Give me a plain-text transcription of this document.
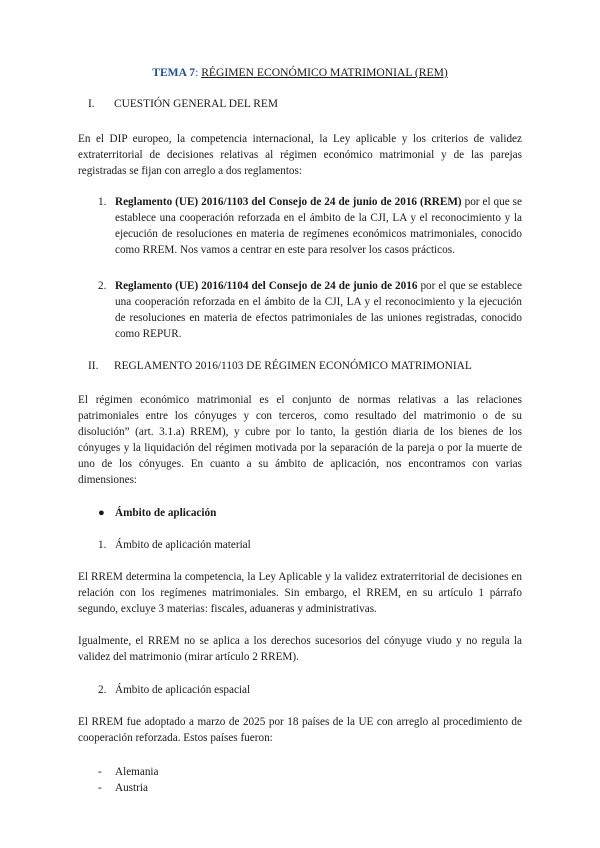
TEMA 7: RÉGIMEN ECONÓMICO MATRIMONIAL (REM)
I. CUESTIÓN GENERAL DEL REM

En el DIP europeo, la competencia internacional, la Ley aplicable y los criterios de validez extraterritorial de decisiones relativas al régimen económico matrimonial y de las parejas registradas se fijan con arreglo a dos reglamentos:

1. Reglamento (UE) 2016/1103 del Consejo de 24 de junio de 2016 (RREM) por el que se establece una cooperación reforzada en el ámbito de la CJI, LA y el reconocimiento y la ejecución de resoluciones en materia de regímenes económicos matrimoniales, conocido como RREM. Nos vamos a centrar en este para resolver los casos prácticos.
2. Reglamento (UE) 2016/1104 del Consejo de 24 de junio de 2016 por el que se establece una cooperación reforzada en el ámbito de la CJI, LA y el reconocimiento y la ejecución de resoluciones en materia de efectos patrimoniales de las uniones registradas, conocido como REPUR.
II. REGLAMENTO 2016/1103 DE RÉGIMEN ECONÓMICO MATRIMONIAL

El régimen económico matrimonial es el conjunto de normas relativas a las relaciones patrimoniales entre los cónyuges y con terceros, como resultado del matrimonio o de su disolución” (art. 3.1.a) RREM), y cubre por lo tanto, la gestión diaria de los bienes de los cónyuges y la liquidación del régimen motivada por la separación de la pareja o por la muerte de uno de los cónyuges. En cuanto a su ámbito de aplicación, nos encontramos con varias dimensiones:

● Ámbito de aplicación
1. Ámbito de aplicación material

El RREM determina la competencia, la Ley Aplicable y la validez extraterritorial de decisiones en relación con los regímenes matrimoniales. Sin embargo, el RREM, en su artículo 1 párrafo segundo, excluye 3 materias: fiscales, aduaneras y administrativas.

Igualmente, el RREM no se aplica a los derechos sucesorios del cónyuge viudo y no regula la validez del matrimonio (mirar artículo 2 RREM).

2. Ámbito de aplicación espacial

El RREM fue adoptado a marzo de 2025 por 18 países de la UE con arreglo al procedimiento de cooperación reforzada. Estos países fueron:

- Alemania
- Austria
